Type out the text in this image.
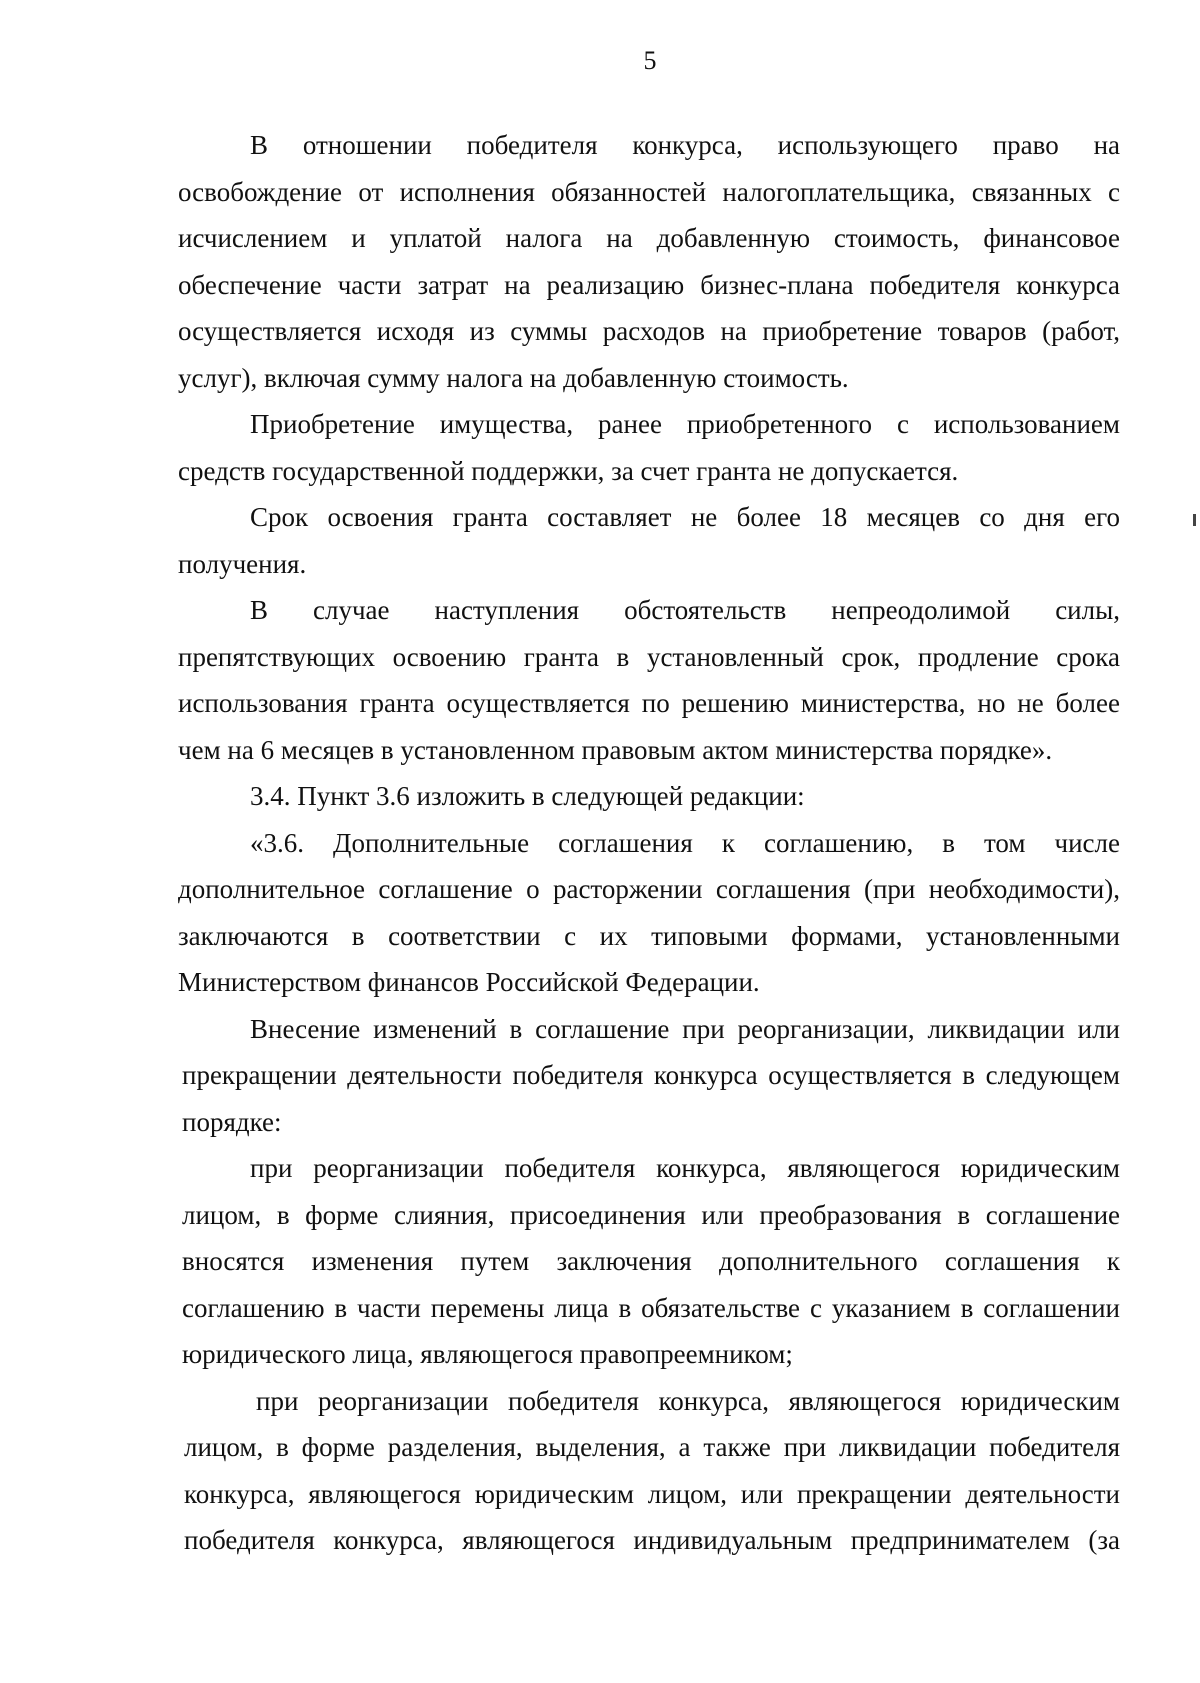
5

В отношении победителя конкурса, использующего право на освобождение от исполнения обязанностей налогоплательщика, связанных с исчислением и уплатой налога на добавленную стоимость, финансовое обеспечение части затрат на реализацию бизнес-плана победителя конкурса осуществляется исходя из суммы расходов на приобретение товаров (работ, услуг), включая сумму налога на добавленную стоимость.

Приобретение имущества, ранее приобретенного с использованием средств государственной поддержки, за счет гранта не допускается.

Срок освоения гранта составляет не более 18 месяцев со дня его получения.

В случае наступления обстоятельств непреодолимой силы, препятствующих освоению гранта в установленный срок, продление срока использования гранта осуществляется по решению министерства, но не более чем на 6 месяцев в установленном правовым актом министерства порядке».

3.4. Пункт 3.6 изложить в следующей редакции:

«3.6. Дополнительные соглашения к соглашению, в том числе дополнительное соглашение о расторжении соглашения (при необходимости), заключаются в соответствии с их типовыми формами, установленными Министерством финансов Российской Федерации.

Внесение изменений в соглашение при реорганизации, ликвидации или прекращении деятельности победителя конкурса осуществляется в следующем порядке:

при реорганизации победителя конкурса, являющегося юридическим лицом, в форме слияния, присоединения или преобразования в соглашение вносятся изменения путем заключения дополнительного соглашения к соглашению в части перемены лица в обязательстве с указанием в соглашении юридического лица, являющегося правопреемником;

при реорганизации победителя конкурса, являющегося юридическим лицом, в форме разделения, выделения, а также при ликвидации победителя конкурса, являющегося юридическим лицом, или прекращении деятельности победителя конкурса, являющегося индивидуальным предпринимателем (за
